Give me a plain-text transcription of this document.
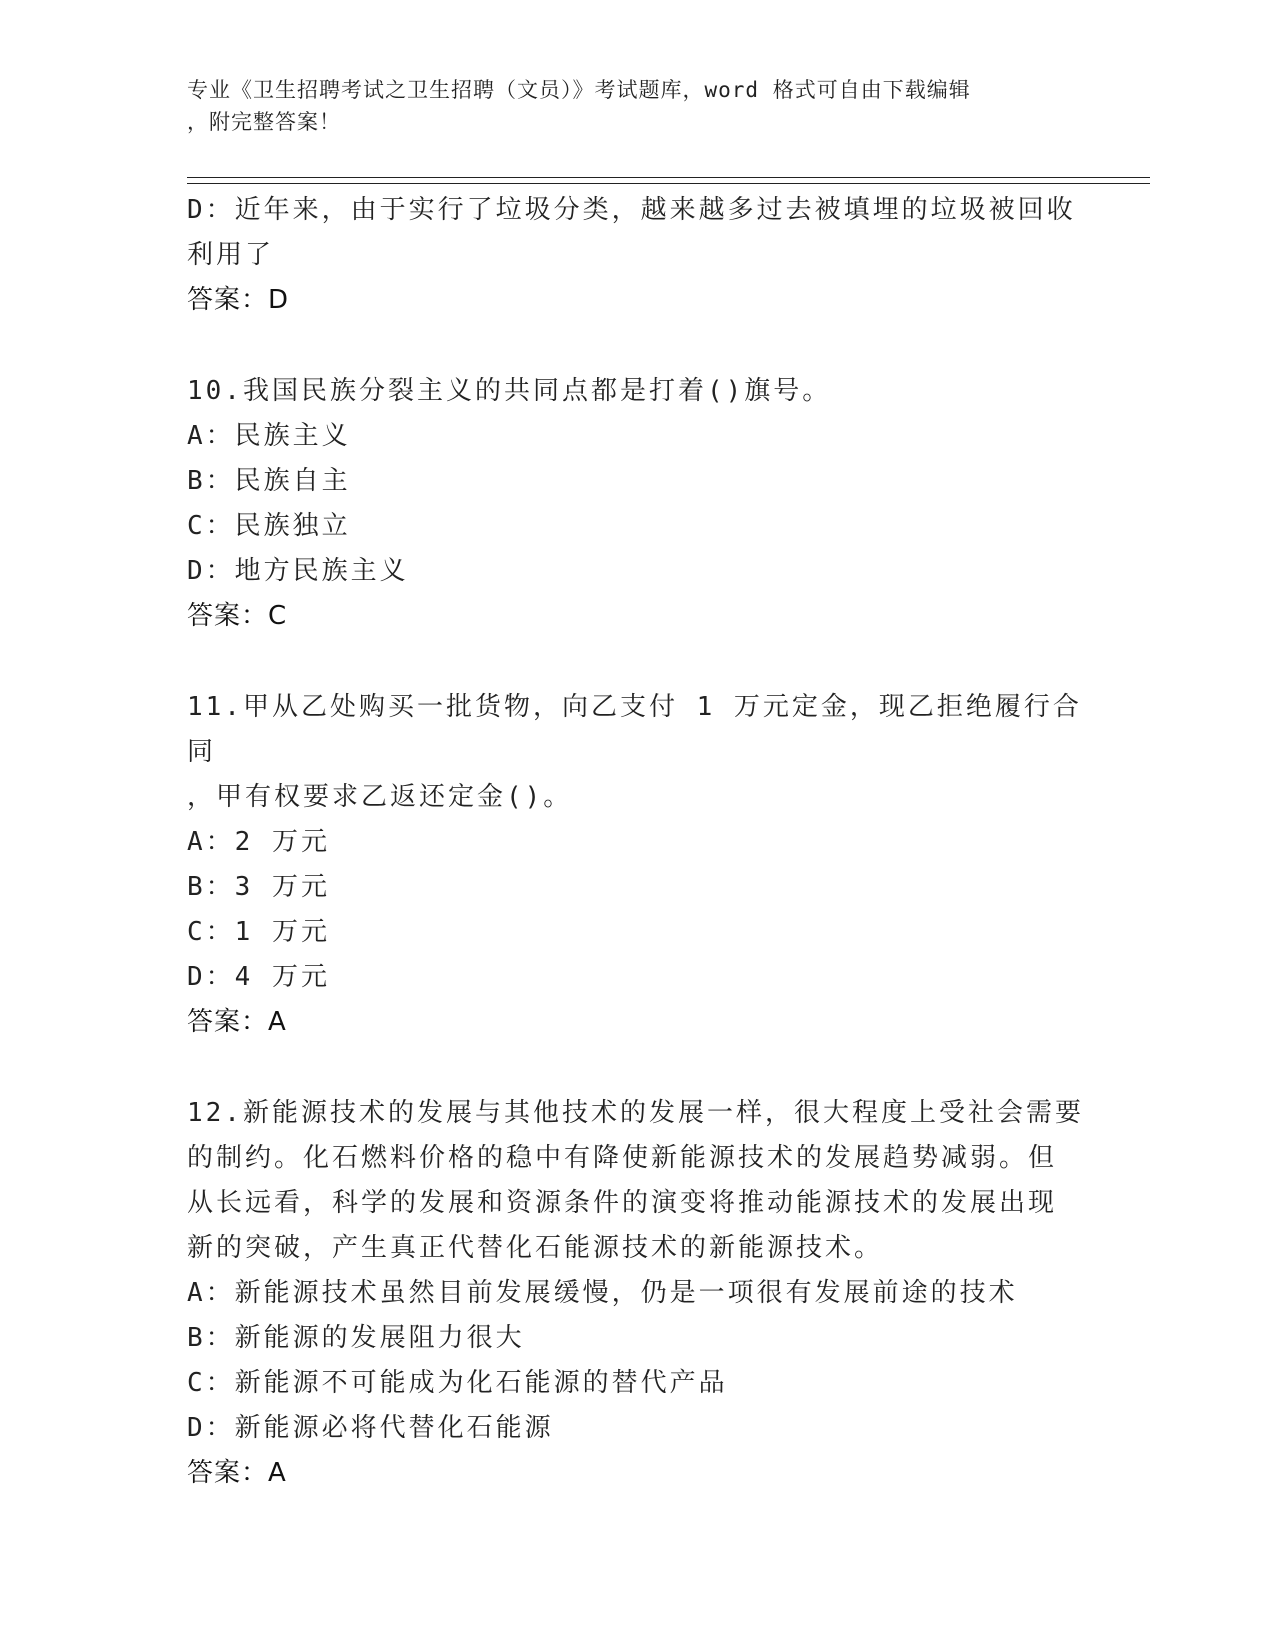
专业《卫生招聘考试之卫生招聘（文员）》考试题库，word 格式可自由下载编辑
，附完整答案！
D：近年来，由于实行了垃圾分类，越来越多过去被填埋的垃圾被回收
利用了
答案：D
10.我国民族分裂主义的共同点都是打着()旗号。
A：民族主义
B：民族自主
C：民族独立
D：地方民族主义
答案：C
11.甲从乙处购买一批货物，向乙支付 1 万元定金，现乙拒绝履行合同
，甲有权要求乙返还定金()。
A：2 万元
B：3 万元
C：1 万元
D：4 万元
答案：A
12.新能源技术的发展与其他技术的发展一样，很大程度上受社会需要
的制约。化石燃料价格的稳中有降使新能源技术的发展趋势减弱。但
从长远看，科学的发展和资源条件的演变将推动能源技术的发展出现
新的突破，产生真正代替化石能源技术的新能源技术。
A：新能源技术虽然目前发展缓慢，仍是一项很有发展前途的技术
B：新能源的发展阻力很大
C：新能源不可能成为化石能源的替代产品
D：新能源必将代替化石能源
答案：A
